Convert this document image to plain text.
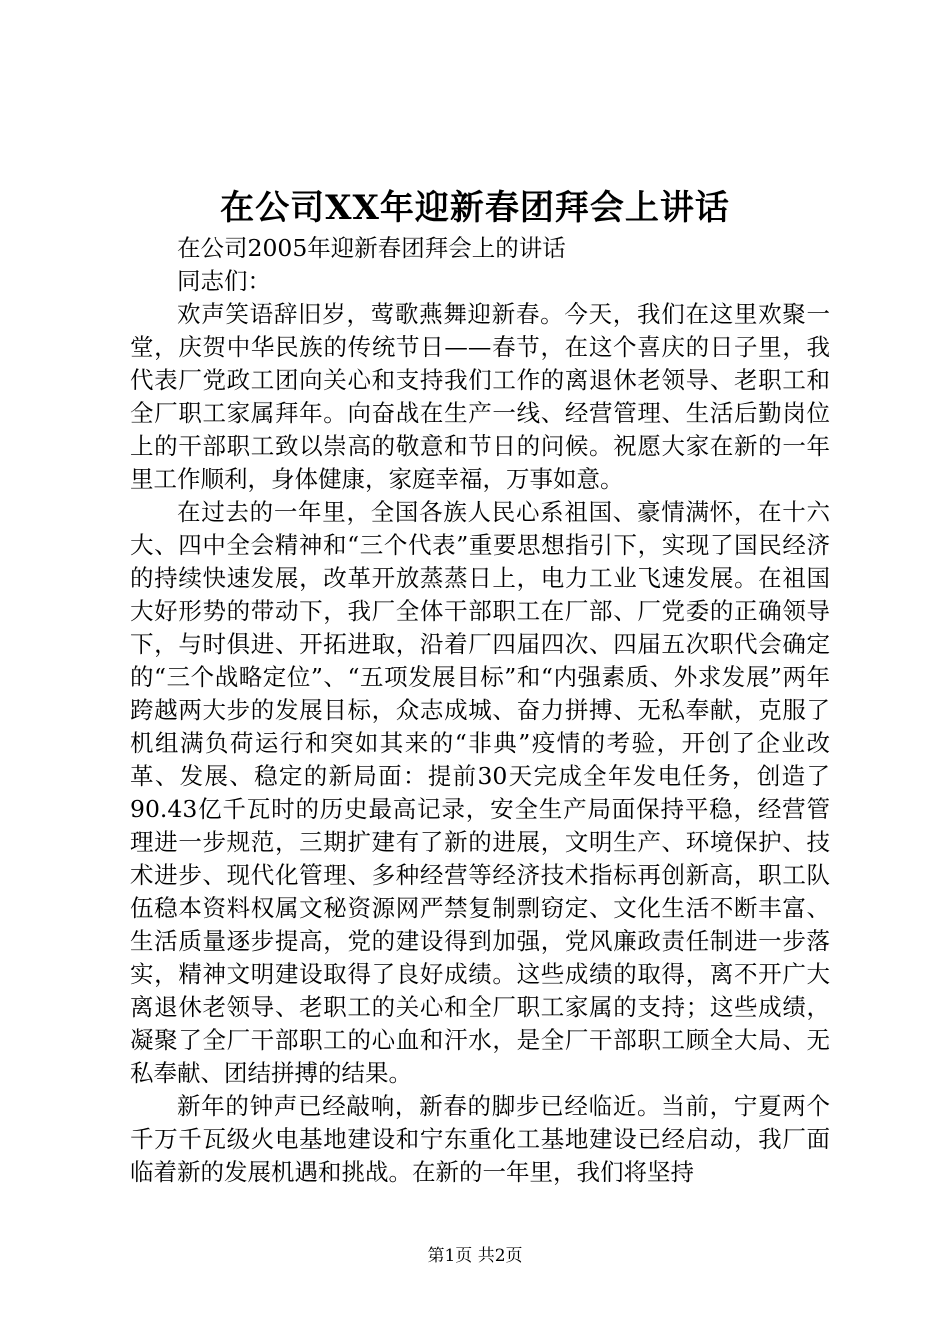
在公司XX年迎新春团拜会上讲话

在公司2005年迎新春团拜会上的讲话

同志们：

欢声笑语辞旧岁，莺歌燕舞迎新春。今天，我们在这里欢聚一堂，庆贺中华民族的传统节日——春节，在这个喜庆的日子里，我代表厂党政工团向关心和支持我们工作的离退休老领导、老职工和全厂职工家属拜年。向奋战在生产一线、经营管理、生活后勤岗位上的干部职工致以崇高的敬意和节日的问候。祝愿大家在新的一年里工作顺利，身体健康，家庭幸福，万事如意。

在过去的一年里，全国各族人民心系祖国、豪情满怀，在十六大、四中全会精神和“三个代表”重要思想指引下，实现了国民经济的持续快速发展，改革开放蒸蒸日上，电力工业飞速发展。在祖国大好形势的带动下，我厂全体干部职工在厂部、厂党委的正确领导下，与时俱进、开拓进取，沿着厂四届四次、四届五次职代会确定的“三个战略定位”、“五项发展目标”和“内强素质、外求发展”两年跨越两大步的发展目标，众志成城、奋力拼搏、无私奉献，克服了机组满负荷运行和突如其来的“非典”疫情的考验，开创了企业改革、发展、稳定的新局面：提前30天完成全年发电任务，创造了90.43亿千瓦时的历史最高记录，安全生产局面保持平稳，经营管理进一步规范，三期扩建有了新的进展，文明生产、环境保护、技术进步、现代化管理、多种经营等经济技术指标再创新高，职工队伍稳本资料权属文秘资源网严禁复制剽窃定、文化生活不断丰富、生活质量逐步提高，党的建设得到加强，党风廉政责任制进一步落实，精神文明建设取得了良好成绩。这些成绩的取得，离不开广大离退休老领导、老职工的关心和全厂职工家属的支持；这些成绩，凝聚了全厂干部职工的心血和汗水，是全厂干部职工顾全大局、无私奉献、团结拼搏的结果。

新年的钟声已经敲响，新春的脚步已经临近。当前，宁夏两个千万千瓦级火电基地建设和宁东重化工基地建设已经启动，我厂面临着新的发展机遇和挑战。在新的一年里，我们将坚持

第1页 共2页
